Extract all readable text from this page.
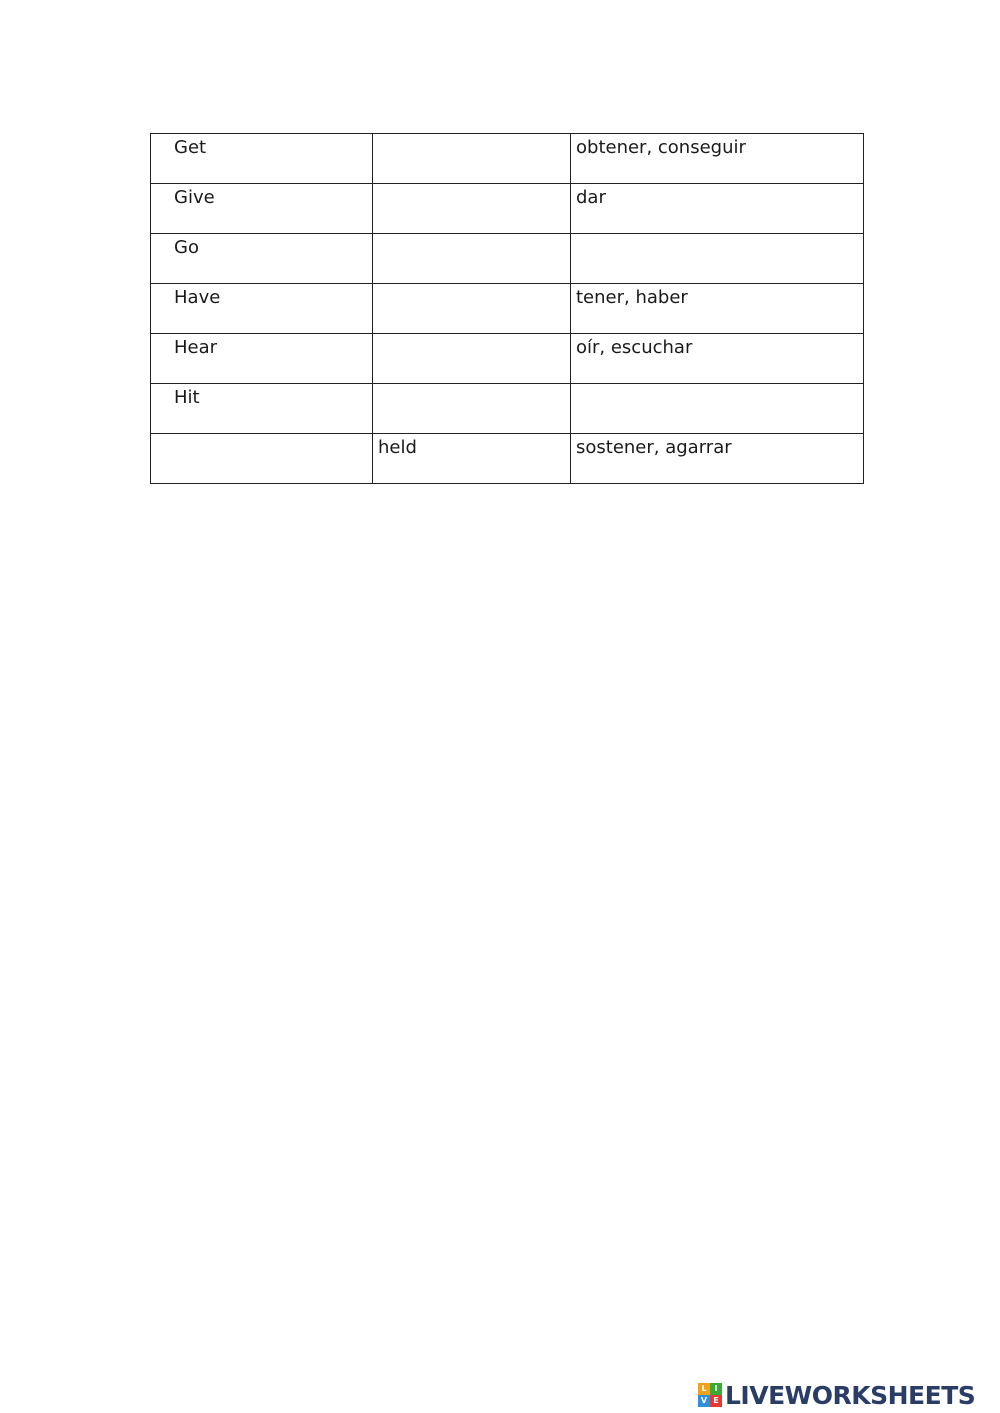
Get		obtener, conseguir
Give		dar
Go		
Have		tener, haber
Hear		oír, escuchar
Hit		
	held	sostener, agarrar
L I
V E LIVEWORKSHEETS
